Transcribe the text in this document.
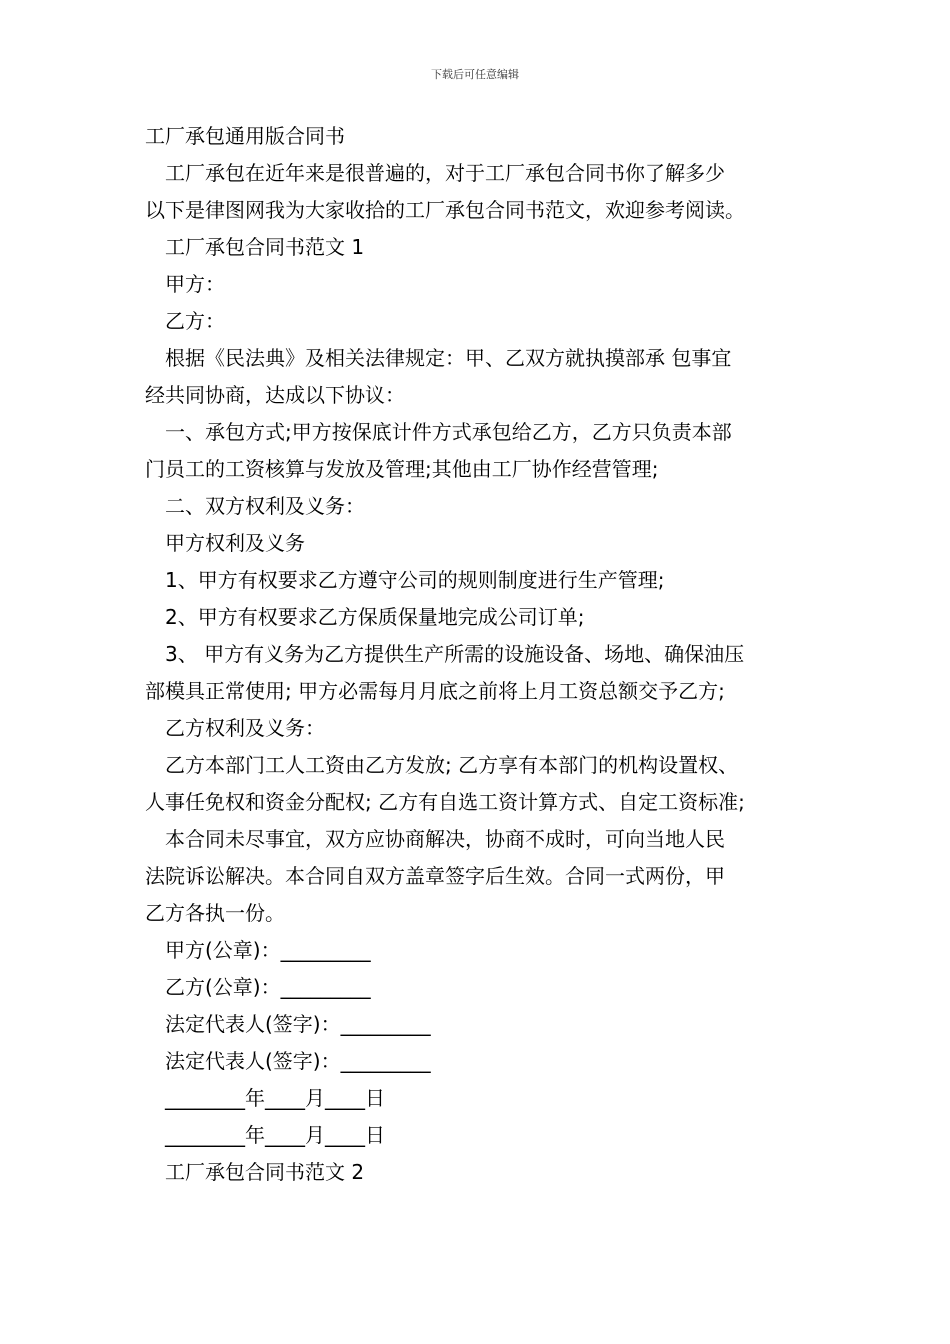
下载后可任意编辑
工厂承包通用版合同书
工厂承包在近年来是很普遍的，对于工厂承包合同书你了解多少
以下是律图网我为大家收拾的工厂承包合同书范文，欢迎参考阅读。
工厂承包合同书范文 1
甲方：
乙方：
根据《民法典》及相关法律规定：甲、乙双方就执摸部承 包事宜
经共同协商，达成以下协议：
一、承包方式;甲方按保底计件方式承包给乙方，乙方只负责本部
门员工的工资核算与发放及管理;其他由工厂协作经营管理;
二、双方权利及义务：
甲方权利及义务
1、甲方有权要求乙方遵守公司的规则制度进行生产管理;
2、甲方有权要求乙方保质保量地完成公司订单;
3、 甲方有义务为乙方提供生产所需的设施设备、场地、确保油压
部模具正常使用; 甲方必需每月月底之前将上月工资总额交予乙方;
乙方权利及义务：
乙方本部门工人工资由乙方发放; 乙方享有本部门的机构设置权、
人事任免权和资金分配权; 乙方有自选工资计算方式、自定工资标准;
本合同未尽事宜，双方应协商解决，协商不成时，可向当地人民
法院诉讼解决。本合同自双方盖章签字后生效。合同一式两份，甲
乙方各执一份。
甲方(公章)：_________
乙方(公章)：_________
法定代表人(签字)：_________
法定代表人(签字)：_________
________年____月____日
________年____月____日
工厂承包合同书范文 2
